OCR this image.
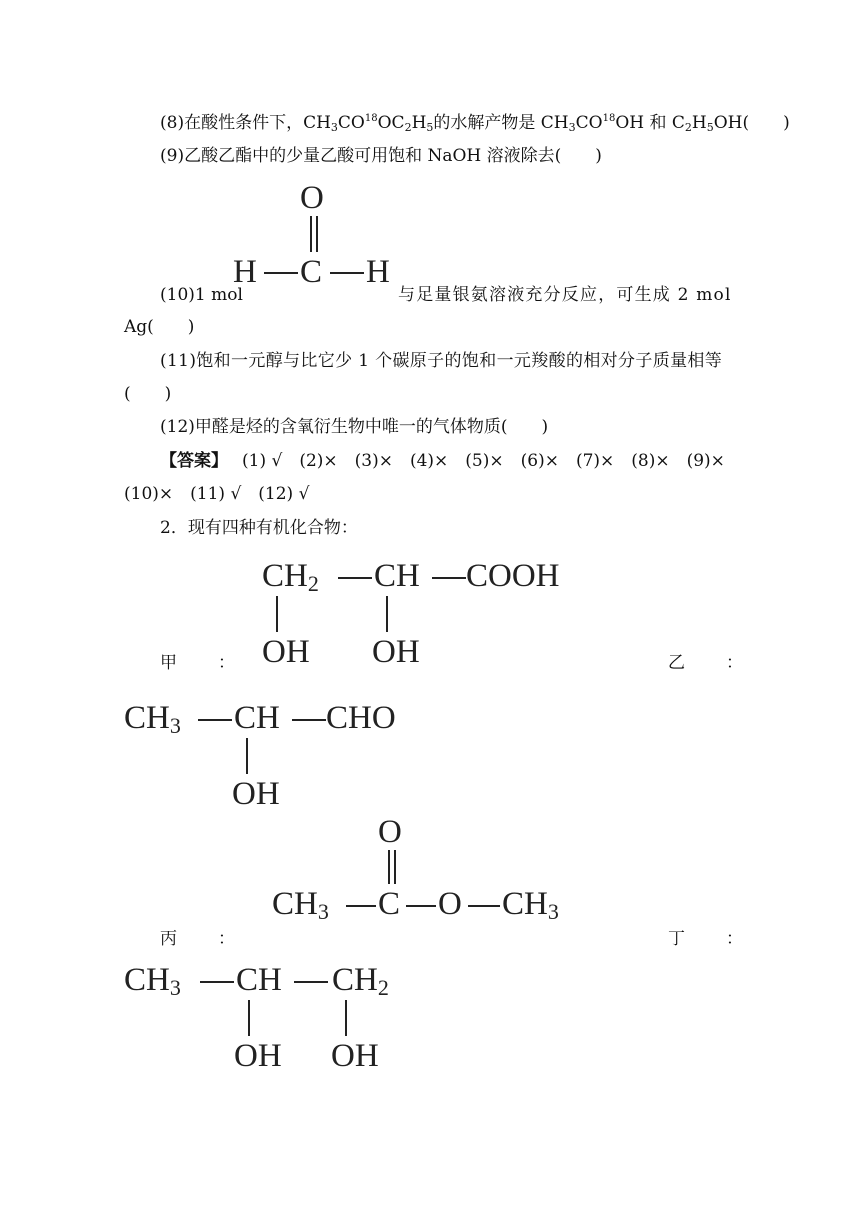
(8)在酸性条件下，$CH_3CO^{18}OC_2H_5$的水解产物是 $CH_3CO^{18}OH$ 和 $C_2H_5OH$(　　)
(9)乙酸乙酯中的少量乙酸可用饱和 NaOH 溶液除去(　　)
O
H C H
(10)1 mol	与足量银氨溶液充分反应，可生成 2 mol
Ag(　　)
(11)饱和一元醇与比它少 1 个碳原子的饱和一元羧酸的相对分子质量相等
(　　)
(12)甲醛是烃的含氧衍生物中唯一的气体物质(　　)
【答案】 (1) √　(2)×　(3)×　(4)×　(5)×　(6)×　(7)×　(8)×　(9)×
(10)×　(11) √　(12) √
2．现有四种有机化合物：
$CH_2$ CH COOH
OH OH
甲　：	乙　：
$CH_3$ CH CHO
OH
O
$CH_3$ C O $CH_3$
丙　：	丁　：
$CH_3$ CH $CH_2$
OH OH
